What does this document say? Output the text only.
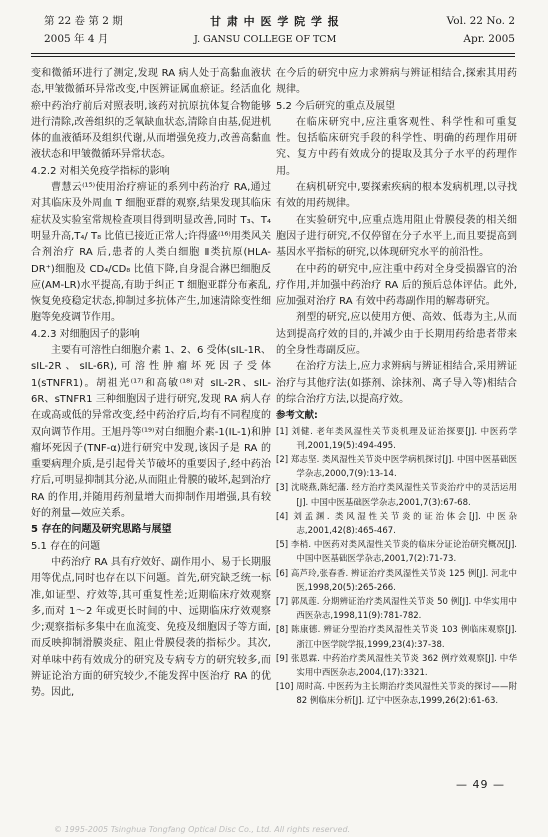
第 22 卷 第 2 期
2005 年 4 月
甘 肃 中 医 学 院 学 报
J. GANSU COLLEGE OF TCM
Vol. 22 No. 2
Apr. 2005

变和微循环进行了测定,发现 RA 病人处于高黏血液状态,甲皱微循环异常改变,中医辨证属血瘀证。经活血化瘀中药治疗前后对照表明,该药对抗原抗体复合物能够进行清除,改善组织的乏氧缺血状态,清除自由基,促进机体的血液循环及组织代谢,从而增强免疫力,改善高黏血液状态和甲皱微循环异常状态。

4.2.2 对相关免疫学指标的影响

曹慧云⁽¹⁵⁾使用治疗痹证的系列中药治疗 RA,通过对其临床及外周血 T 细胞亚群的观察,结果发现其临床症状及实验室常规检查项目得到明显改善,同时 T₃、T₄ 明显升高,T₄/ T₈ 比值已接近正常人;许得盛⁽¹⁶⁾用类风关合剂治疗 RA 后,患者的人类白细胞 Ⅱ类抗原(HLA-DR⁺)细胞及 CD₄/CD₈ 比值下降,自身混合淋巴细胞反应(AM-LR)水平提高,有助于纠正 T 细胞亚群分布紊乱,恢复免疫稳定状态,抑制过多抗体产生,加速清除变性细胞等免疫调节作用。

4.2.3 对细胞因子的影响

主要有可溶性白细胞介素 1、2、6 受体(sIL-1R、sIL-2R、sIL-6R),可溶性肿瘤坏死因子受体 1(sTNFR1)。胡祖光⁽¹⁷⁾和高敏⁽¹⁸⁾对 sIL-2R、sIL-6R、sTNFR1 三种细胞因子进行研究,发现 RA 病人存在或高或低的异常改变,经中药治疗后,均有不同程度的双向调节作用。王旭丹等⁽¹⁹⁾对白细胞介素-1(IL-1)和肿瘤坏死因子(TNF-α)进行研究中发现,该因子是 RA 的重要病理介质,是引起骨关节破坏的重要因子,经中药治疗后,可明显抑制其分泌,从而阻止骨膜的破坏,起到治疗 RA 的作用,并随用药剂量增大而抑制作用增强,具有较好的剂量—效应关系。

5 存在的问题及研究思路与展望

5.1 存在的问题

中药治疗 RA 具有疗效好、副作用小、易于长期服用等优点,同时也存在以下问题。首先,研究缺乏统一标准,如证型、疗效等,其可重复性差;近期临床疗效观察多,而对 1～2 年或更长时间的中、远期临床疗效观察少;观察指标多集中在血流变、免疫及细胞因子等方面,而反映抑制滑膜炎症、阻止骨膜侵袭的指标少。其次,对单味中药有效成分的研究及专病专方的研究较多,而辨证论治方面的研究较少,不能发挥中医治疗 RA 的优势。因此,

在今后的研究中应力求辨病与辨证相结合,探索其用药规律。

5.2 今后研究的重点及展望

在临床研究中,应注重客观性、科学性和可重复性。包括临床研究手段的科学性、明确的药理作用研究、复方中药有效成分的提取及其分子水平的药理作用。

在病机研究中,要探索疾病的根本发病机理,以寻找有效的用药规律。

在实验研究中,应重点选用阻止骨膜侵袭的相关细胞因子进行研究,不仅停留在分子水平上,而且要提高到基因水平指标的研究,以体现研究水平的前沿性。

在中药的研究中,应注重中药对全身受损器官的治疗作用,并加强中药治疗 RA 后的预后总体评估。此外,应加强对治疗 RA 有效中药毒副作用的解毒研究。

剂型的研究,应以使用方便、高效、低毒为主,从而达到提高疗效的目的,并减少由于长期用药给患者带来的全身性毒副反应。

在治疗方法上,应力求辨病与辨证相结合,采用辨证治疗与其他疗法(如搽剂、涂抹剂、离子导入等)相结合的综合治疗方法,以提高疗效。

参考文献:

[1] 刘健. 老年类风湿性关节炎机理及证治探要[J]. 中医药学刊,2001,19(5):494-495.
[2] 郑志坚. 类风湿性关节炎中医学病机探讨[J]. 中国中医基础医学杂志,2000,7(9):13-14.
[3] 沈晓燕,陈纪藩. 经方治疗类风湿性关节炎治疗中的灵活运用[J]. 中国中医基础医学杂志,2001,7(3):67-68.
[4] 刘孟渊. 类风湿性关节炎的证治体会[J]. 中医杂志,2001,42(8):465-467.
[5] 李梢. 中医药对类风湿性关节炎的临床分证论治研究概况[J]. 中国中医基础医学杂志,2001,7(2):71-73.
[6] 高芦玲,张春香. 辨证治疗类风湿性关节炎 125 例[J]. 河北中医,1998,20(5):265-266.
[7] 郭凤莲. 分期辨证治疗类风湿性关节炎 50 例[J]. 中华实用中西医杂志,1998,11(9):781-782.
[8] 陈康德. 辨证分型治疗类风湿性关节炎 103 例临床观察[J]. 浙江中医学院学报,1999,23(4):37-38.
[9] 张恩霖. 中药治疗类风湿性关节炎 362 例疗效观察[J]. 中华实用中西医杂志,2004,(17):3321.
[10] 周时高. 中医药为主长期治疗类风湿性关节炎的探讨——附 82 例临床分析[J]. 辽宁中医杂志,1999,26(2):61-63.
— 49 —
© 1995-2005 Tsinghua Tongfang Optical Disc Co., Ltd. All rights reserved.
